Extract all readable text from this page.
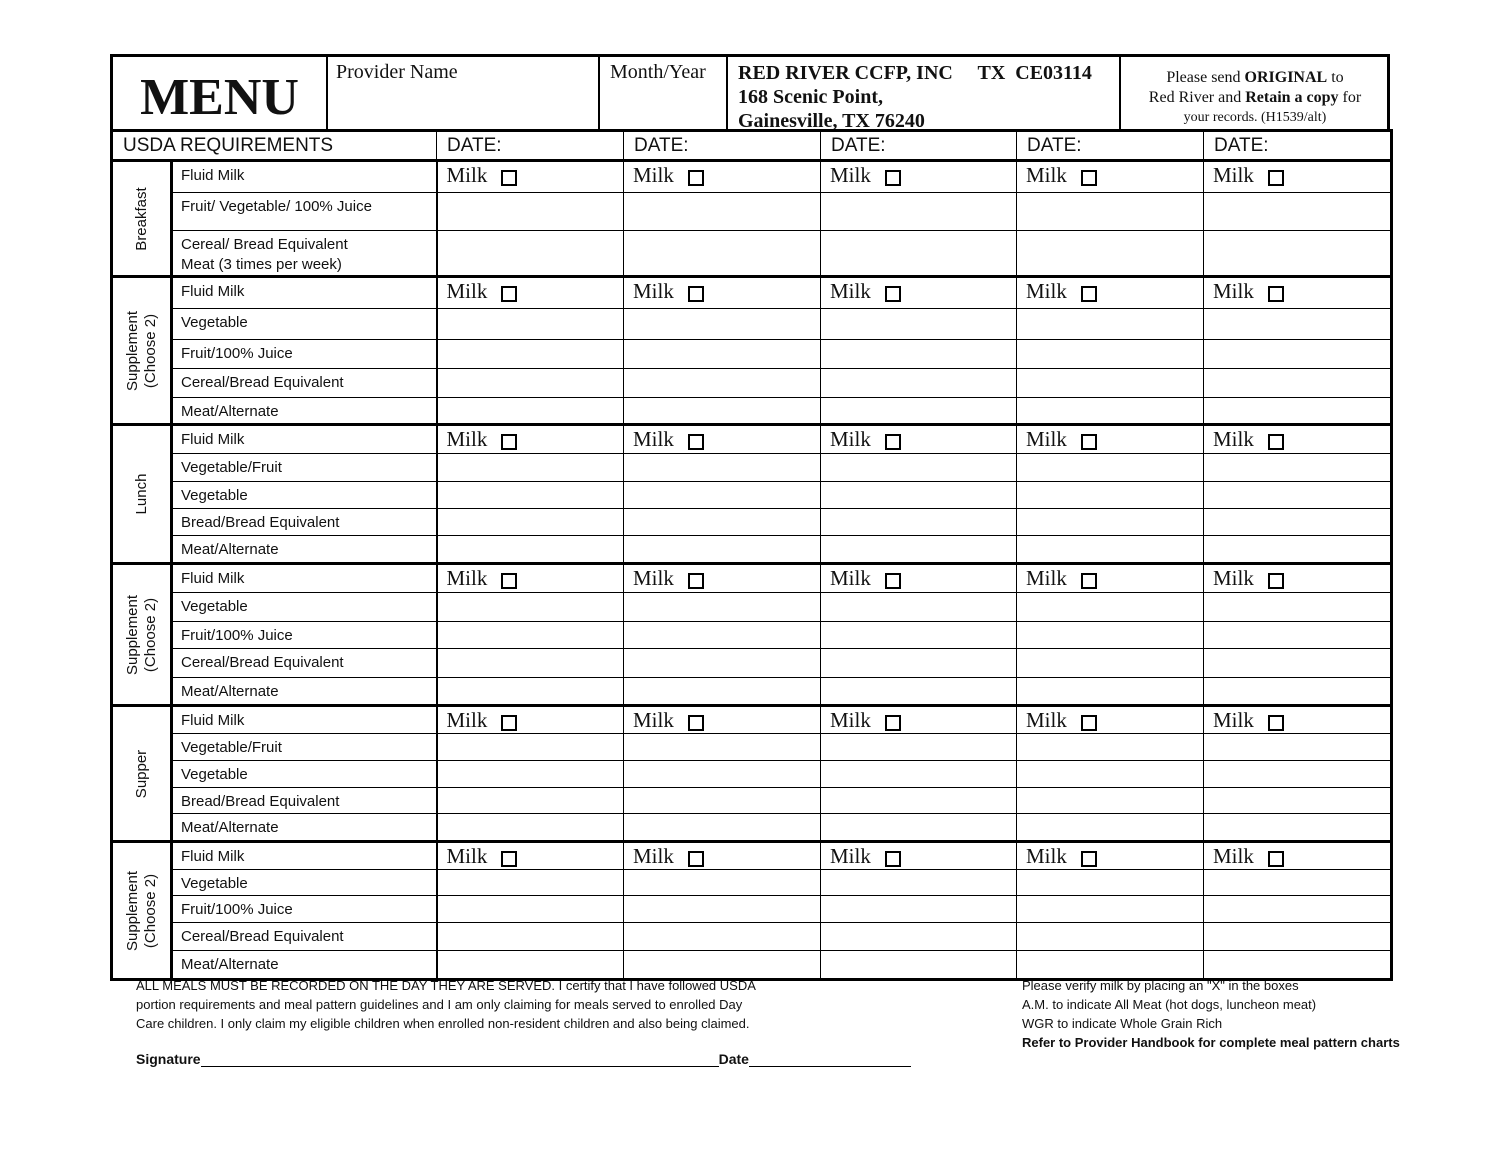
MENU	Provider Name	Month/Year	RED RIVER CCFP, INC     TX  CE03114
168 Scenic Point,
Gainesville, TX 76240
Please send ORIGINAL to
Red River and Retain a copy for
your records. (H1539/alt)
USDA REQUIREMENTS		DATE:	DATE:	DATE:	DATE:	DATE:

Breakfast	Fluid Milk	Milk	Milk	Milk	Milk	Milk

	Fruit/ Vegetable/ 100% Juice					

	Cereal/ Bread Equivalent
Meat (3 times per week)					

Supplement (Choose 2)	Fluid Milk	Milk	Milk	Milk	Milk	Milk

	Vegetable					

	Fruit/100% Juice					

	Cereal/Bread Equivalent					

	Meat/Alternate					

Lunch	Fluid Milk	Milk	Milk	Milk	Milk	Milk

	Vegetable/Fruit					

	Vegetable					

	Bread/Bread Equivalent					

	Meat/Alternate					

Supplement (Choose 2)	Fluid Milk	Milk	Milk	Milk	Milk	Milk

	Vegetable					

	Fruit/100% Juice					

	Cereal/Bread Equivalent					

	Meat/Alternate					

Supper	Fluid Milk	Milk	Milk	Milk	Milk	Milk

	Vegetable/Fruit					

	Vegetable					

	Bread/Bread Equivalent					

	Meat/Alternate					

Supplement (Choose 2)	Fluid Milk	Milk	Milk	Milk	Milk	Milk

	Vegetable					

	Fruit/100% Juice					

	Cereal/Bread Equivalent					

	Meat/Alternate					

ALL MEALS MUST BE RECORDED ON THE DAY THEY ARE SERVED. I certify that I have followed USDA
portion requirements and meal pattern guidelines and I am only claiming for meals served to enrolled Day
Care children. I only claim my eligible children when enrolled non-resident children and also being claimed.
Please verify milk by placing an "X" in the boxes
A.M. to indicate All Meat (hot dogs, luncheon meat)
WGR to indicate Whole Grain Rich
Refer to Provider Handbook for complete meal pattern charts
Signature	Date
